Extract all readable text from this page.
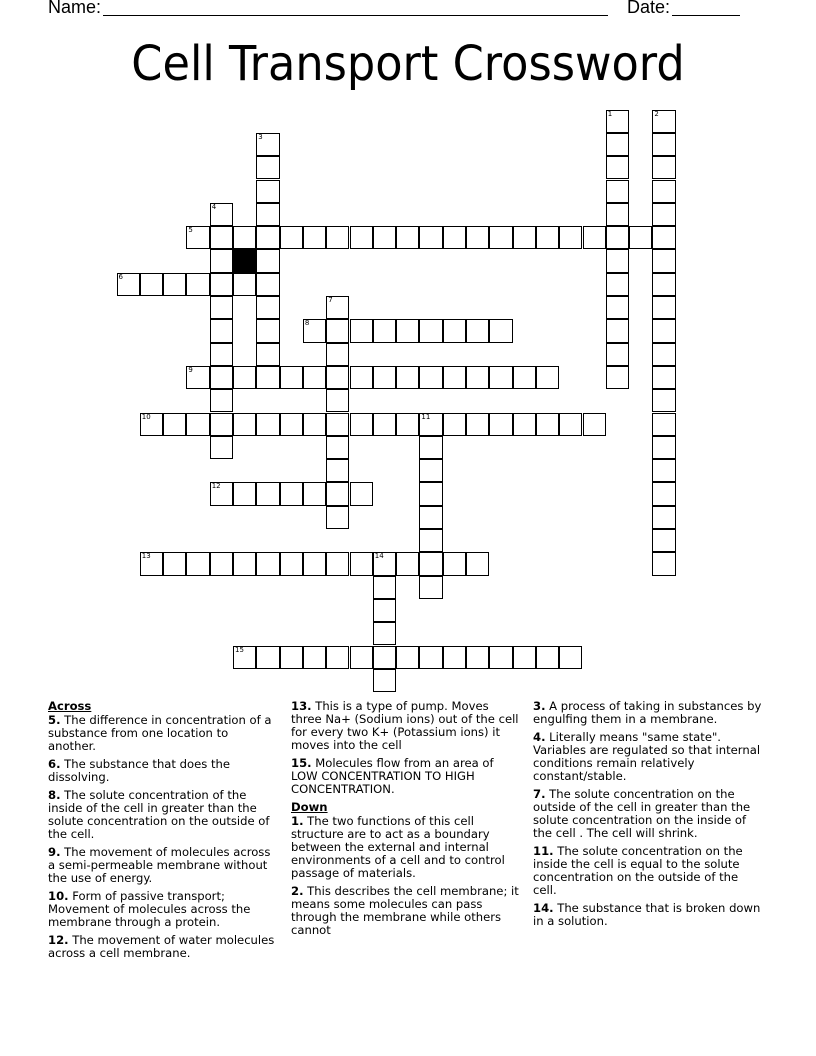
Name:	Date:
Cell Transport Crossword
1	2
3
4
5
6
7
8
9
10	11
12
13	14
15
Across
5. The difference in concentration of a substance from one location to another.
6. The substance that does the dissolving.
8. The solute concentration of the inside of the cell in greater than the solute concentration on the outside of the cell.
9. The movement of molecules across a semi-permeable membrane without the use of energy.
10. Form of passive transport; Movement of molecules across the membrane through a protein.
12. The movement of water molecules across a cell membrane.
13. This is a type of pump. Moves three Na+ (Sodium ions) out of the cell for every two K+ (Potassium ions) it moves into the cell
15. Molecules flow from an area of LOW CONCENTRATION TO HIGH CONCENTRATION.
Down
1. The two functions of this cell structure are to act as a boundary between the external and internal environments of a cell and to control passage of materials.
2. This describes the cell membrane; it means some molecules can pass through the membrane while others cannot
3. A process of taking in substances by engulfing them in a membrane.
4. Literally means "same state". Variables are regulated so that internal conditions remain relatively constant/stable.
7. The solute concentration on the outside of the cell in greater than the solute concentration on the inside of the cell . The cell will shrink.
11. The solute concentration on the inside the cell is equal to the solute concentration on the outside of the cell.
14. The substance that is broken down in a solution.
